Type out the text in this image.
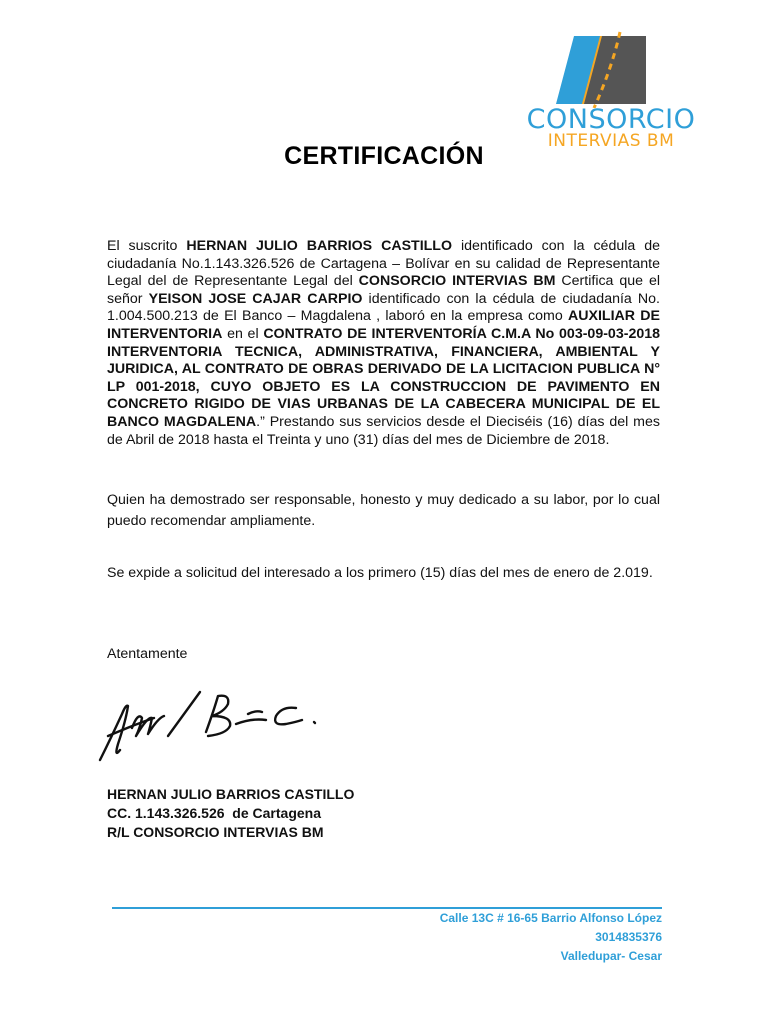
CONSORCIO
INTERVIAS BM
CERTIFICACIÓN

El suscrito HERNAN JULIO BARRIOS CASTILLO identificado con la cédula de ciudadanía No.1.143.326.526 de Cartagena – Bolívar en su calidad de Representante Legal del de Representante Legal del CONSORCIO INTERVIAS BM Certifica que el señor YEISON JOSE CAJAR CARPIO identificado con la cédula de ciudadanía No. 1.004.500.213 de El Banco – Magdalena , laboró en la empresa como AUXILIAR DE INTERVENTORIA en el CONTRATO DE INTERVENTORÍA C.M.A No 003-09-03-2018 INTERVENTORIA TECNICA, ADMINISTRATIVA, FINANCIERA, AMBIENTAL Y JURIDICA, AL CONTRATO DE OBRAS DERIVADO DE LA LICITACION PUBLICA N° LP 001-2018, CUYO OBJETO ES LA CONSTRUCCION DE PAVIMENTO EN CONCRETO RIGIDO DE VIAS URBANAS DE LA CABECERA MUNICIPAL DE EL BANCO MAGDALENA.” Prestando sus servicios desde el Dieciséis (16) días del mes de Abril de 2018 hasta el Treinta y uno (31) días del mes de Diciembre de 2018.

Quien ha demostrado ser responsable, honesto y muy dedicado a su labor, por lo cual puedo recomendar ampliamente.

Se expide a solicitud del interesado a los primero (15) días del mes de enero de 2.019.

Atentamente
HERNAN JULIO BARRIOS CASTILLO
CC. 1.143.326.526  de Cartagena
R/L CONSORCIO INTERVIAS BM
Calle 13C # 16-65 Barrio Alfonso López
3014835376
Valledupar- Cesar
